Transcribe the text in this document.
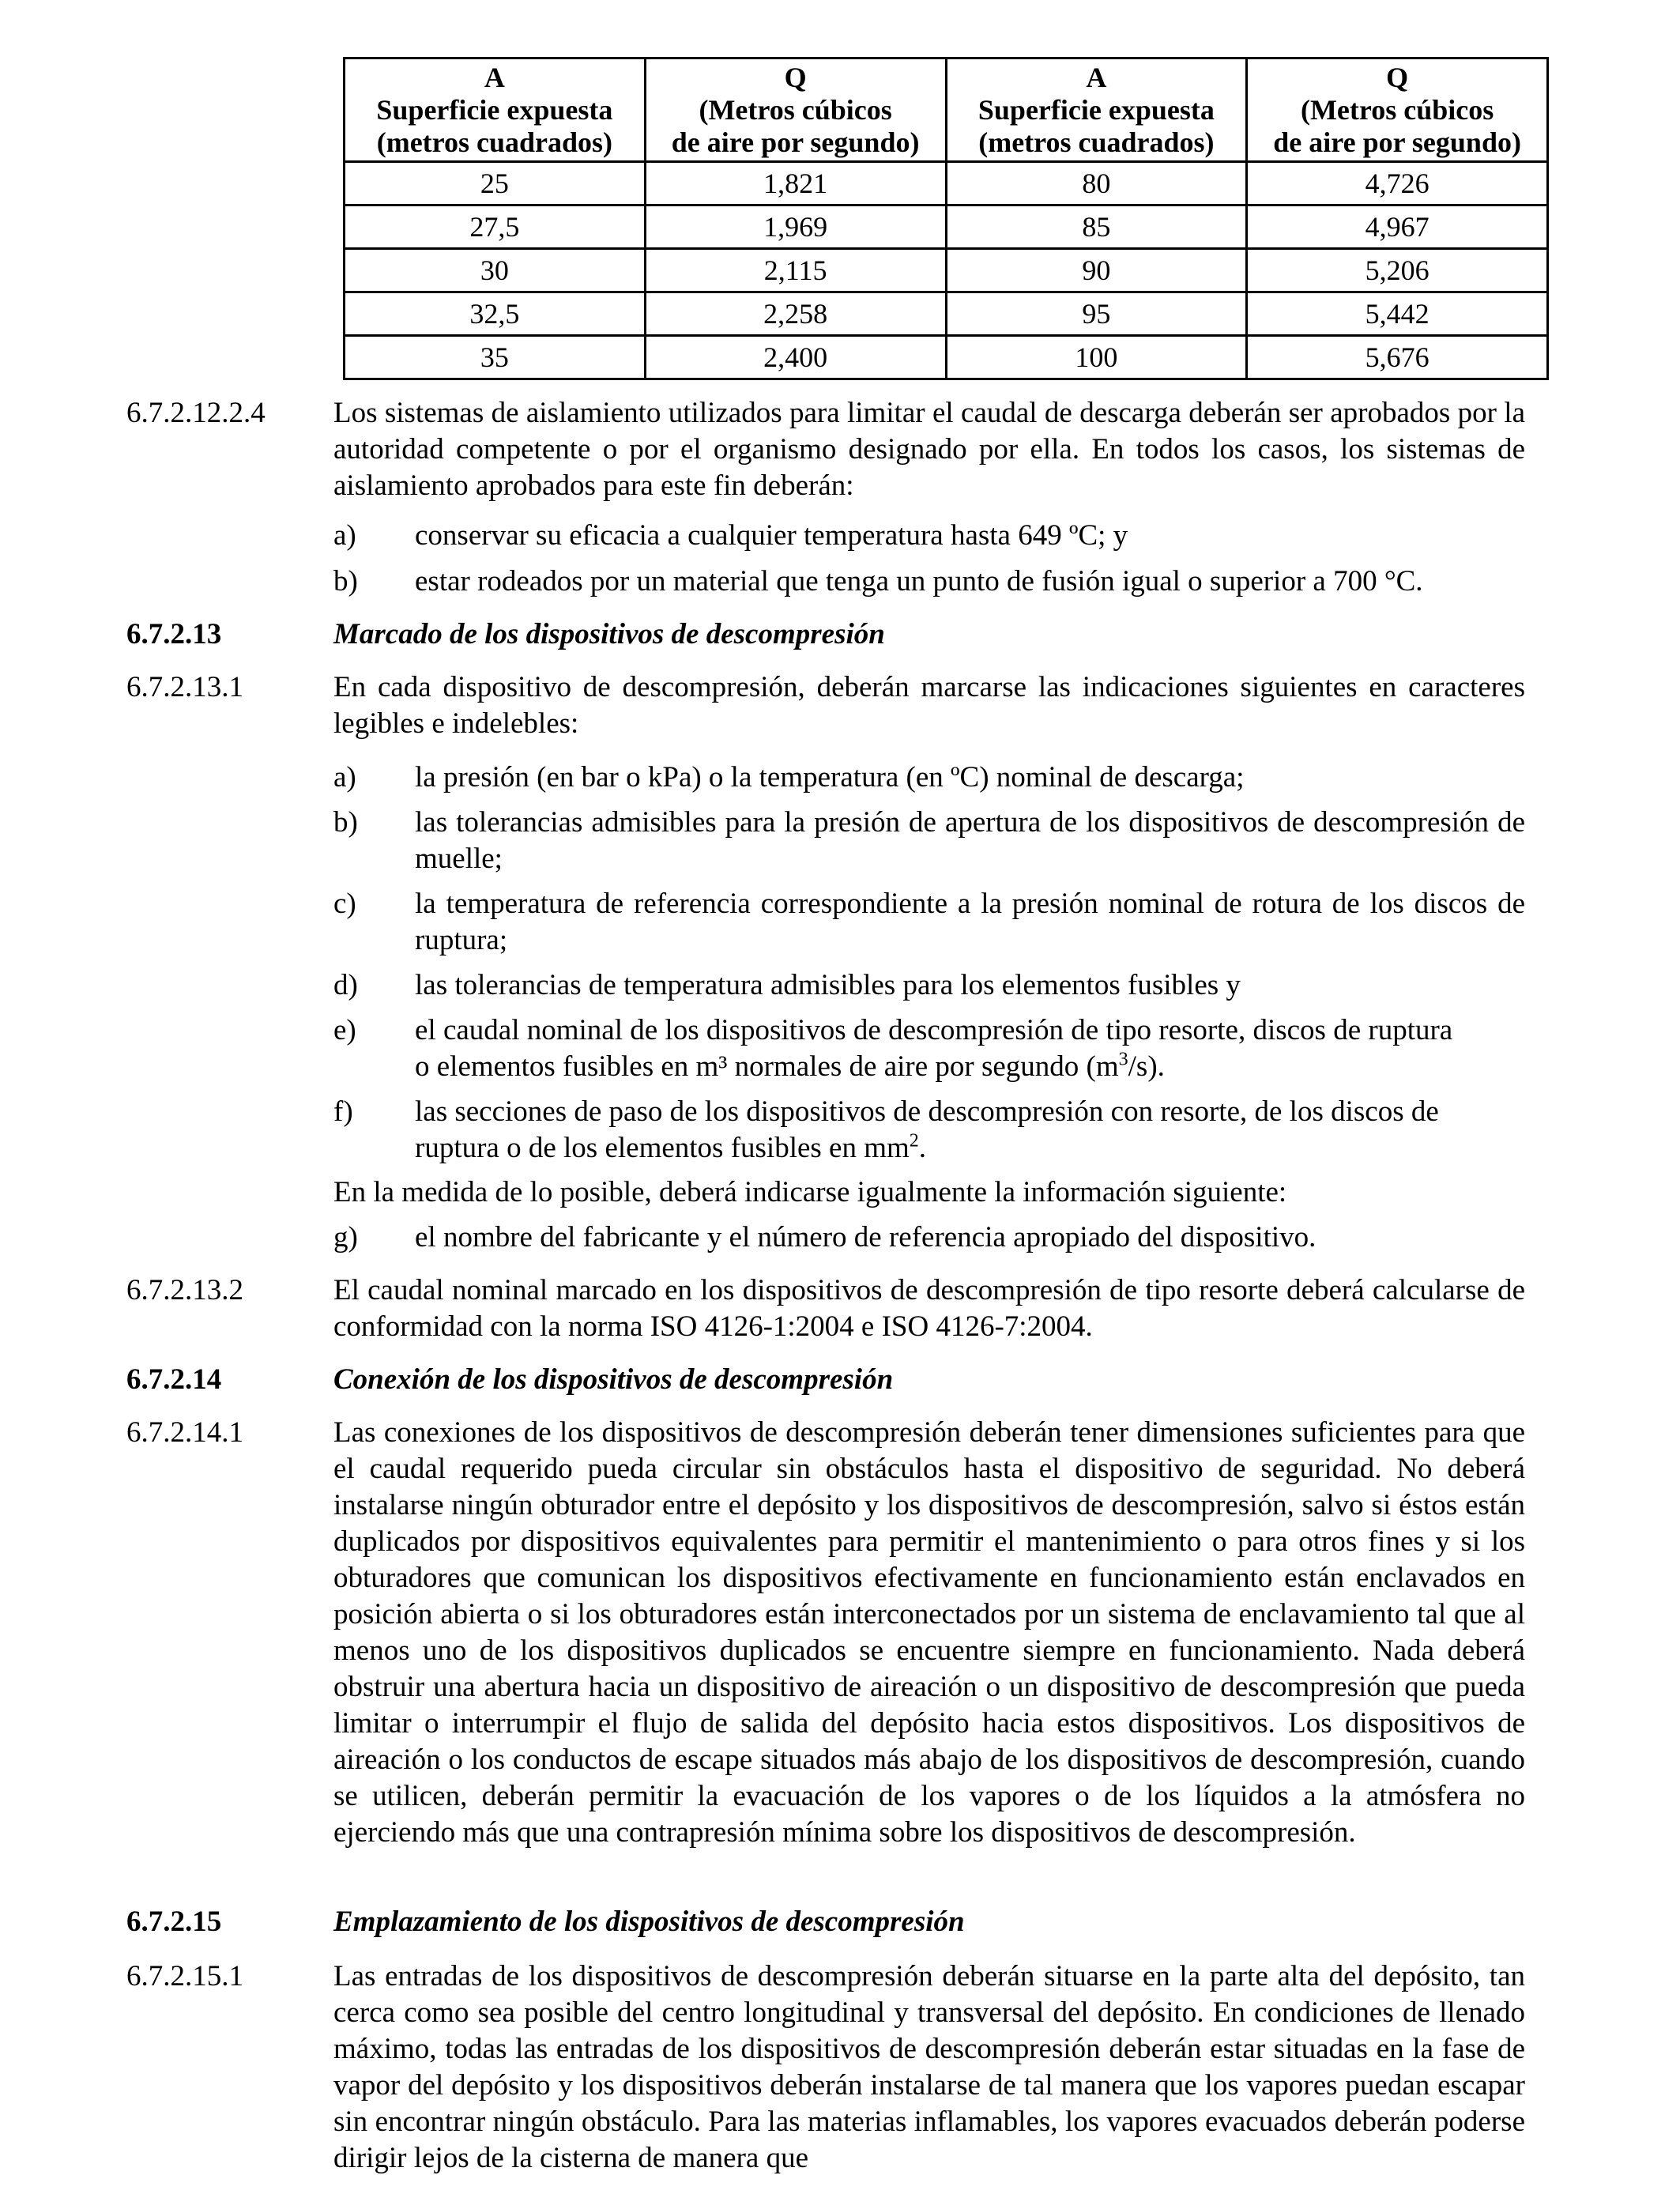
A
Superficie expuesta
(metros cuadrados)	Q
(Metros cúbicos
de aire por segundo)	A
Superficie expuesta
(metros cuadrados)	Q
(Metros cúbicos
de aire por segundo)

25	1,821	80	4,726
27,5	1,969	85	4,967
30	2,115	90	5,206
32,5	2,258	95	5,442
35	2,400	100	5,676
6.7.2.12.2.4	Los sistemas de aislamiento utilizados para limitar el caudal de descarga deberán ser aprobados por la autoridad competente o por el organismo designado por ella. En todos los casos, los sistemas de aislamiento aprobados para este fin deberán:
a)	conservar su eficacia a cualquier temperatura hasta 649 ºC; y
b)	estar rodeados por un material que tenga un punto de fusión igual o superior a 700 °C.
6.7.2.13	Marcado de los dispositivos de descompresión
6.7.2.13.1	En cada dispositivo de descompresión, deberán marcarse las indicaciones siguientes en caracteres legibles e indelebles:
a)	la presión (en bar o kPa) o la temperatura (en ºC) nominal de descarga;
b)	las tolerancias admisibles para la presión de apertura de los dispositivos de descompresión de muelle;
c)	la temperatura de referencia correspondiente a la presión nominal de rotura de los discos de ruptura;
d)	las tolerancias de temperatura admisibles para los elementos fusibles y
e)	el caudal nominal de los dispositivos de descompresión de tipo resorte, discos de ruptura
o elementos fusibles en m³ normales de aire por segundo $(m^3/s)$.
f)	las secciones de paso de los dispositivos de descompresión con resorte, de los discos de
ruptura o de los elementos fusibles en $mm^2$.
En la medida de lo posible, deberá indicarse igualmente la información siguiente:
g)	el nombre del fabricante y el número de referencia apropiado del dispositivo.
6.7.2.13.2	El caudal nominal marcado en los dispositivos de descompresión de tipo resorte deberá calcularse de conformidad con la norma ISO 4126-1:2004 e ISO 4126-7:2004.
6.7.2.14	Conexión de los dispositivos de descompresión
6.7.2.14.1	Las conexiones de los dispositivos de descompresión deberán tener dimensiones suficientes para que el caudal requerido pueda circular sin obstáculos hasta el dispositivo de seguridad. No deberá instalarse ningún obturador entre el depósito y los dispositivos de descompresión, salvo si éstos están duplicados por dispositivos equivalentes para permitir el mantenimiento o para otros fines y si los obturadores que comunican los dispositivos efectivamente en funcionamiento están enclavados en posición abierta o si los obturadores están interconectados por un sistema de enclavamiento tal que al menos uno de los dispositivos duplicados se encuentre siempre en funcionamiento. Nada deberá obstruir una abertura hacia un dispositivo de aireación o un dispositivo de descompresión que pueda limitar o interrumpir el flujo de salida del depósito hacia estos dispositivos. Los dispositivos de aireación o los conductos de escape situados más abajo de los dispositivos de descompresión, cuando se utilicen, deberán permitir la evacuación de los vapores o de los líquidos a la atmósfera no ejerciendo más que una contrapresión mínima sobre los dispositivos de descompresión.
6.7.2.15	Emplazamiento de los dispositivos de descompresión
6.7.2.15.1	Las entradas de los dispositivos de descompresión deberán situarse en la parte alta del depósito, tan cerca como sea posible del centro longitudinal y transversal del depósito. En condiciones de llenado máximo, todas las entradas de los dispositivos de descompresión deberán estar situadas en la fase de vapor del depósito y los dispositivos deberán instalarse de tal manera que los vapores puedan escapar sin encontrar ningún obstáculo. Para las materias inflamables, los vapores evacuados deberán poderse dirigir lejos de la cisterna de manera que
